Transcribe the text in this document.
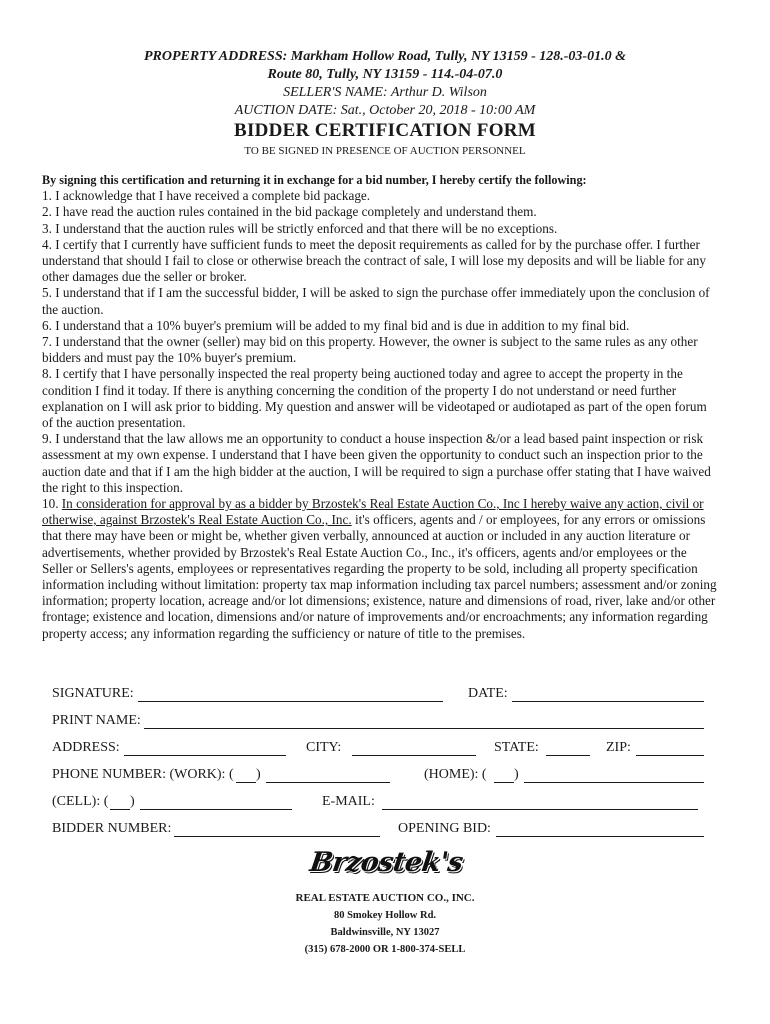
PROPERTY ADDRESS: Markham Hollow Road, Tully, NY 13159 - 128.-03-01.0 &
Route 80, Tully, NY 13159 - 114.-04-07.0
SELLER'S NAME: Arthur D. Wilson
AUCTION DATE: Sat., October 20, 2018 - 10:00 AM
BIDDER CERTIFICATION FORM
TO BE SIGNED IN PRESENCE OF AUCTION PERSONNEL

By signing this certification and returning it in exchange for a bid number, I hereby certify the following:

1. I acknowledge that I have received a complete bid package.

2. I have read the auction rules contained in the bid package completely and understand them.

3. I understand that the auction rules will be strictly enforced and that there will be no exceptions.

4. I certify that I currently have sufficient funds to meet the deposit requirements as called for by the purchase offer. I further understand that should I fail to close or otherwise breach the contract of sale, I will lose my deposits and will be liable for any other damages due the seller or broker.

5. I understand that if I am the successful bidder, I will be asked to sign the purchase offer immediately upon the conclusion of the auction.

6. I understand that a 10% buyer's premium will be added to my final bid and is due in addition to my final bid.

7. I understand that the owner (seller) may bid on this property. However, the owner is subject to the same rules as any other bidders and must pay the 10% buyer's premium.

8. I certify that I have personally inspected the real property being auctioned today and agree to accept the property in the condition I find it today. If there is anything concerning the condition of the property I do not understand or need further explanation on I will ask prior to bidding. My question and answer will be videotaped or audiotaped as part of the open forum of the auction presentation.

9. I understand that the law allows me an opportunity to conduct a house inspection &/or a lead based paint inspection or risk assessment at my own expense. I understand that I have been given the opportunity to conduct such an inspection prior to the auction date and that if I am the high bidder at the auction, I will be required to sign a purchase offer stating that I have waived the right to this inspection.

10. In consideration for approval by as a bidder by Brzostek's Real Estate Auction Co., Inc I hereby waive any action, civil or otherwise, against Brzostek's Real Estate Auction Co., Inc. it's officers, agents and / or employees, for any errors or omissions that there may have been or might be, whether given verbally, announced at auction or included in any auction literature or advertisements, whether provided by Brzostek's Real Estate Auction Co., Inc., it's officers, agents and/or employees or the Seller or Sellers's agents, employees or representatives regarding the property to be sold, including all property specification information including without limitation: property tax map information including tax parcel numbers; assessment and/or zoning information; property location, acreage and/or lot dimensions; existence, nature and dimensions of road, river, lake and/or other frontage; existence and location, dimensions and/or nature of improvements and/or encroachments; any information regarding property access; any information regarding the sufficiency or nature of title to the premises.

SIGNATURE:	DATE:
PRINT NAME:
ADDRESS:	CITY:	STATE:	ZIP:
PHONE NUMBER: (WORK): ( )	(HOME): ( )
(CELL): ( )	E-MAIL:
BIDDER NUMBER:	OPENING BID:
Brzostek's
REAL ESTATE AUCTION CO., INC.
80 Smokey Hollow Rd.
Baldwinsville, NY 13027
(315) 678-2000 OR 1-800-374-SELL
